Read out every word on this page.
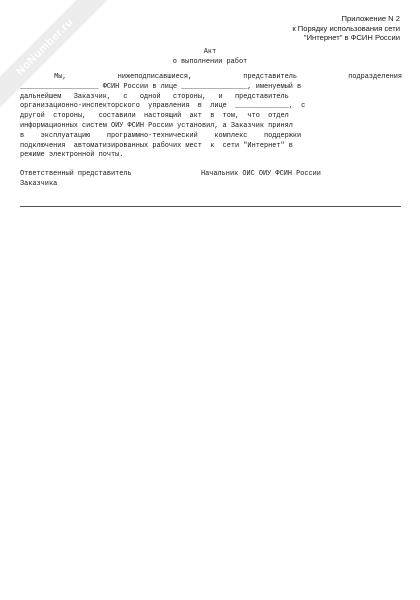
NoNumber.ru	Приложение N 2
к Порядку использования сети
"Интернет" в ФСИН России
Акт
о выполнении работ
Мы,      нижеподписавшиеся,      представитель      подразделения
___________________ ФСИН России в лице ________________, именуемый в
дальнейшем   Заказчик,   с   одной   стороны,   и   представитель
организационно-инспекторского  управления  в  лице  _____________,  с
другой  стороны,   составили  настоящий  акт  в  том,  что  отдел
информационных систем ОИУ ФСИН России установил, а Заказчик принял
в    эксплуатацию    программно-технический    комплекс    поддержки
подключения  автоматизированных рабочих мест  к  сети "Интернет" в
режиме электронной почты.
Ответственный представитель
Заказчика
Начальник ОИС ОИУ ФСИН России
